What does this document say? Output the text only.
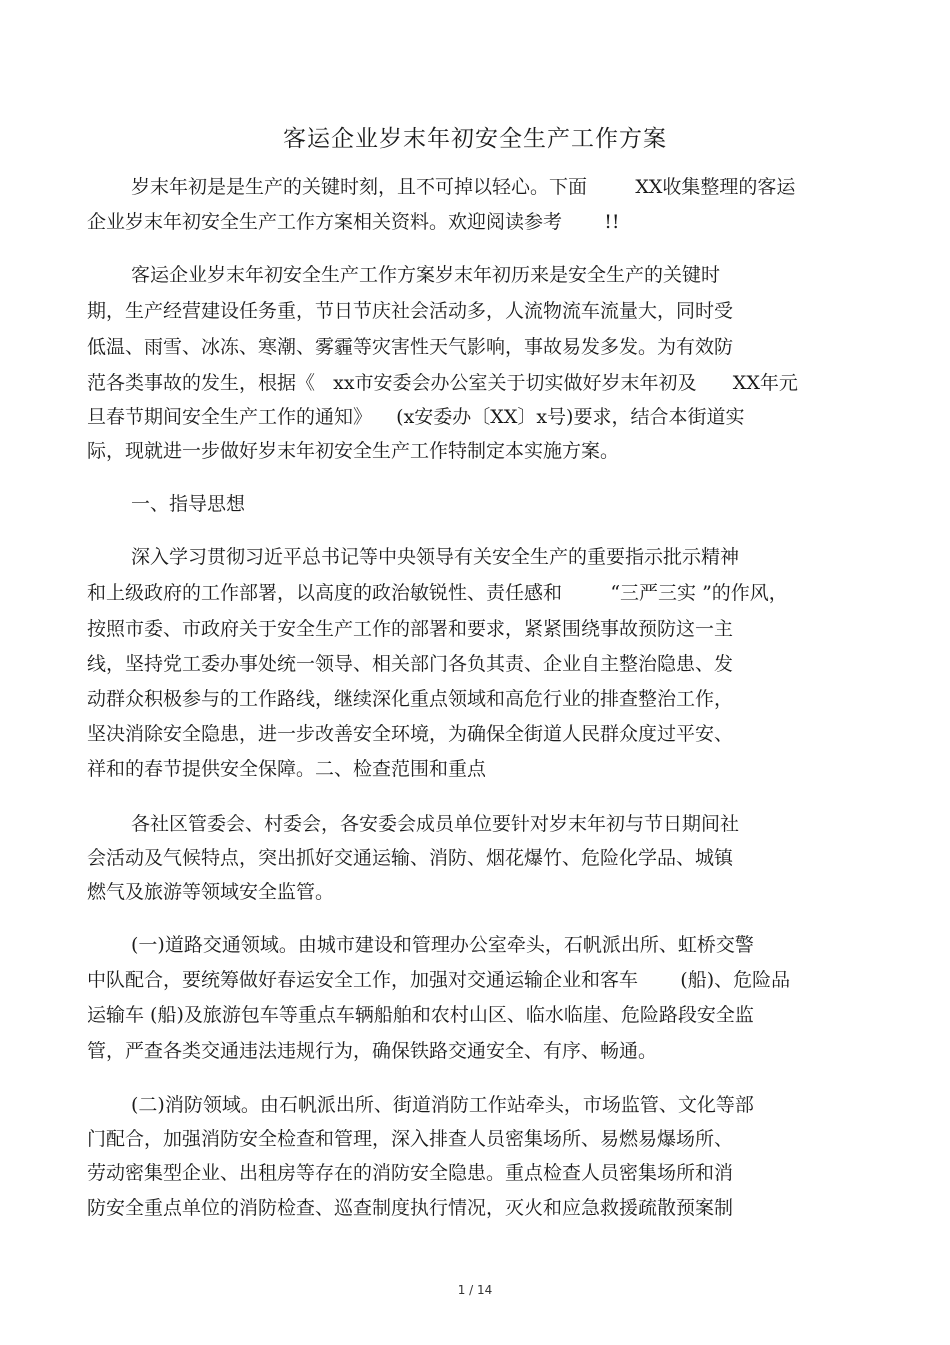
客运企业岁末年初安全生产工作方案

岁末年初是是生产的关键时刻，且不可掉以轻心。下面        XX收集整理的客运

企业岁末年初安全生产工作方案相关资料。欢迎阅读参考       !!

客运企业岁末年初安全生产工作方案岁末年初历来是安全生产的关键时

期，生产经营建设任务重，节日节庆社会活动多，人流物流车流量大，同时受

低温、雨雪、冰冻、寒潮、雾霾等灾害性天气影响，事故易发多发。为有效防

范各类事故的发生，根据《   xx市安委会办公室关于切实做好岁末年初及      XX年元

旦春节期间安全生产工作的通知》    (x安委办〔XX〕x号)要求，结合本街道实

际，现就进一步做好岁末年初安全生产工作特制定本实施方案。

一、指导思想

深入学习贯彻习近平总书记等中央领导有关安全生产的重要指示批示精神

和上级政府的工作部署，以高度的政治敏锐性、责任感和        “三严三实 ”的作风，

按照市委、市政府关于安全生产工作的部署和要求，紧紧围绕事故预防这一主

线，坚持党工委办事处统一领导、相关部门各负其责、企业自主整治隐患、发

动群众积极参与的工作路线，继续深化重点领域和高危行业的排查整治工作，

坚决消除安全隐患，进一步改善安全环境，为确保全街道人民群众度过平安、

祥和的春节提供安全保障。二、检查范围和重点

各社区管委会、村委会，各安委会成员单位要针对岁末年初与节日期间社

会活动及气候特点，突出抓好交通运输、消防、烟花爆竹、危险化学品、城镇

燃气及旅游等领域安全监管。

(一)道路交通领域。由城市建设和管理办公室牵头，石帆派出所、虹桥交警

中队配合，要统筹做好春运安全工作，加强对交通运输企业和客车       (船)、危险品

运输车 (船)及旅游包车等重点车辆船舶和农村山区、临水临崖、危险路段安全监

管，严查各类交通违法违规行为，确保铁路交通安全、有序、畅通。

(二)消防领域。由石帆派出所、街道消防工作站牵头，市场监管、文化等部

门配合，加强消防安全检查和管理，深入排查人员密集场所、易燃易爆场所、

劳动密集型企业、出租房等存在的消防安全隐患。重点检查人员密集场所和消

防安全重点单位的消防检查、巡查制度执行情况，灭火和应急救援疏散预案制

1 / 14
